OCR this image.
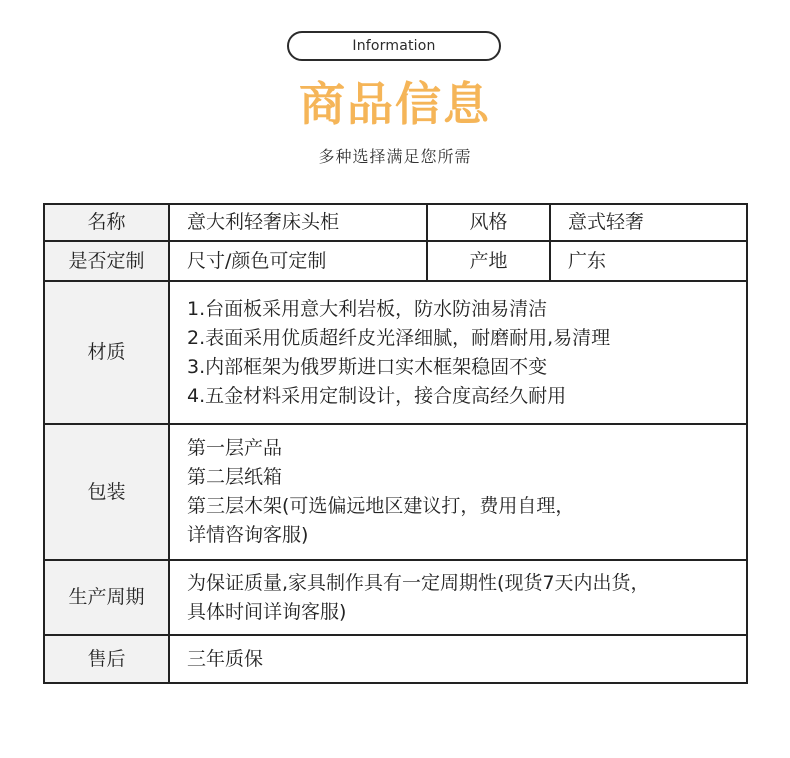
Information
商品信息
多种选择满足您所需
名称	意大利轻奢床头柜	风格	意式轻奢
是否定制	尺寸/颜色可定制	产地	广东
材质	1.台面板采用意大利岩板，防水防油易清洁
2.表面采用优质超纤皮光泽细腻，耐磨耐用,易清理
3.内部框架为俄罗斯进口实木框架稳固不变
4.五金材料采用定制设计，接合度高经久耐用		

包装	第一层产品
第二层纸箱
第三层木架(可选偏远地区建议打，费用自理，
详情咨询客服)		

生产周期	为保证质量,家具制作具有一定周期性(现货7天内出货，
具体时间详询客服)		

售后	三年质保		
